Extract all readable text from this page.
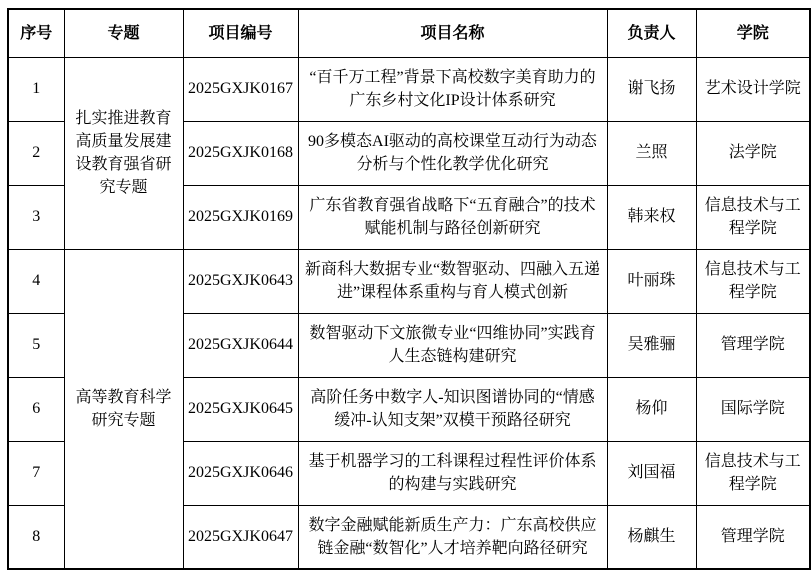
序号	专题	项目编号	项目名称	负责人	学院
1	扎实推进教育高质量发展建设教育强省研究专题	2025GXJK0167	“百千万工程”背景下高校数字美育助力的广东乡村文化IP设计体系研究	谢飞扬	艺术设计学院
2		2025GXJK0168	90多模态AI驱动的高校课堂互动行为动态分析与个性化教学优化研究	兰照	法学院
3		2025GXJK0169	广东省教育强省战略下“五育融合”的技术赋能机制与路径创新研究	韩来权	信息技术与工程学院
4	高等教育科学研究专题	2025GXJK0643	新商科大数据专业“数智驱动、四融入五递进”课程体系重构与育人模式创新	叶丽珠	信息技术与工程学院
5		2025GXJK0644	数智驱动下文旅微专业“四维协同”实践育人生态链构建研究	吴雅骊	管理学院
6		2025GXJK0645	高阶任务中数字人-知识图谱协同的“情感缓冲-认知支架”双模干预路径研究	杨仰	国际学院
7		2025GXJK0646	基于机器学习的工科课程过程性评价体系的构建与实践研究	刘国福	信息技术与工程学院
8		2025GXJK0647	数字金融赋能新质生产力：广东高校供应链金融“数智化”人才培养靶向路径研究	杨麒生	管理学院
